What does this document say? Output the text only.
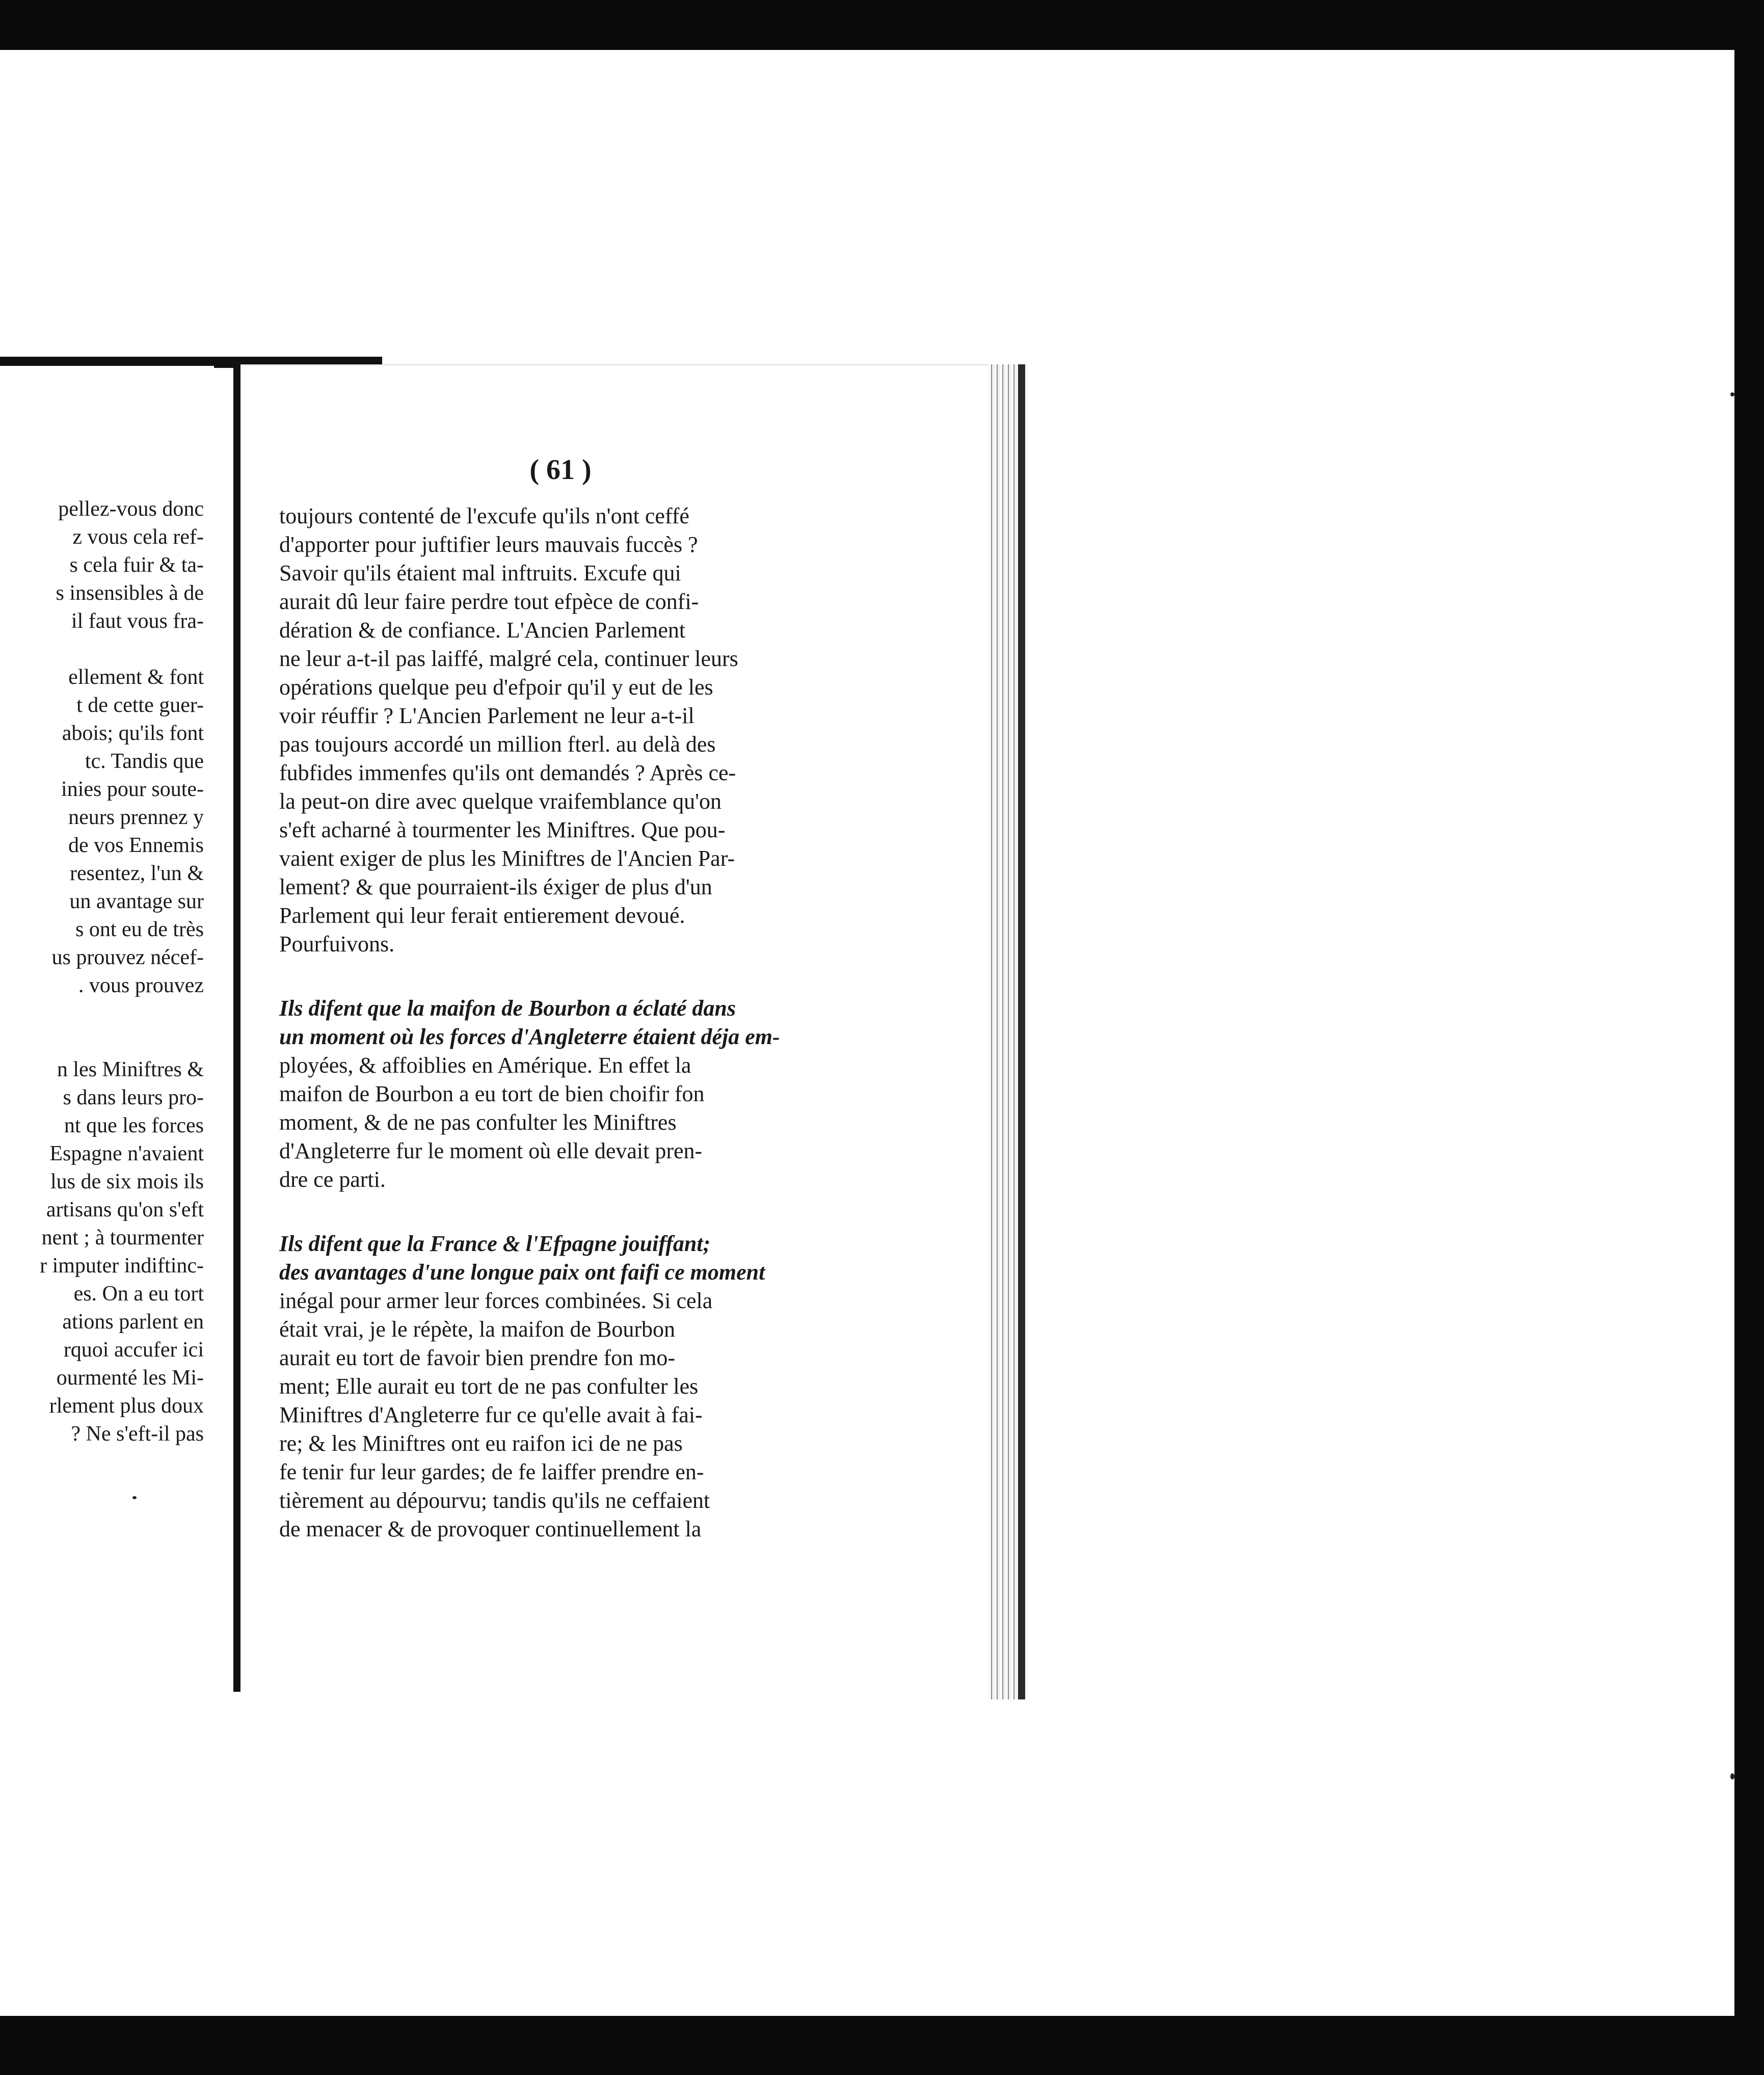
pellez-vous donc
z vous cela ref-
s cela fuir & ta-
s insensibles à de
il faut vous fra-
ellement & font
t de cette guer-
abois; qu'ils font
tc. Tandis que
inies pour soute-
neurs prennez y
de vos Ennemis
resentez, l'un &
un avantage sur
s ont eu de très
us prouvez nécef-
. vous prouvez
n les Miniftres &
s dans leurs pro-
nt que les forces
Espagne n'avaient
lus de six mois ils
artisans qu'on s'eft
nent ; à tourmenter
r imputer indiftinc-
es. On a eu tort
ations parlent en
rquoi accufer ici
ourmenté les Mi-
rlement plus doux
? Ne s'eft-il pas
( 61 )

toujours contenté de l'excufe qu'ils n'ont ceffé
d'apporter pour juftifier leurs mauvais fuccès ?
Savoir qu'ils étaient mal inftruits. Excufe qui
aurait dû leur faire perdre tout efpèce de confi-
dération & de confiance. L'Ancien Parlement
ne leur a-t-il pas laiffé, malgré cela, continuer leurs
opérations quelque peu d'efpoir qu'il y eut de les
voir réuffir ? L'Ancien Parlement ne leur a-t-il
pas toujours accordé un million fterl. au delà des
fubfides immenfes qu'ils ont demandés ? Après ce-
la peut-on dire avec quelque vraifemblance qu'on
s'eft acharné à tourmenter les Miniftres. Que pou-
vaient exiger de plus les Miniftres de l'Ancien Par-
lement? & que pourraient-ils éxiger de plus d'un
Parlement qui leur ferait entierement devoué.
Pourfuivons.

Ils difent que la maifon de Bourbon a éclaté dans
un moment où les forces d'Angleterre étaient déja em-
ployées, & affoiblies en Amérique. En effet la
maifon de Bourbon a eu tort de bien choifir fon
moment, & de ne pas confulter les Miniftres
d'Angleterre fur le moment où elle devait pren-
dre ce parti.

Ils difent que la France & l'Efpagne jouiffant;
des avantages d'une longue paix ont faifi ce moment
inégal pour armer leur forces combinées. Si cela
était vrai, je le répète, la maifon de Bourbon
aurait eu tort de favoir bien prendre fon mo-
ment; Elle aurait eu tort de ne pas confulter les
Miniftres d'Angleterre fur ce qu'elle avait à fai-
re; & les Miniftres ont eu raifon ici de ne pas
fe tenir fur leur gardes; de fe laiffer prendre en-
tièrement au dépourvu; tandis qu'ils ne ceffaient
de menacer & de provoquer continuellement la
